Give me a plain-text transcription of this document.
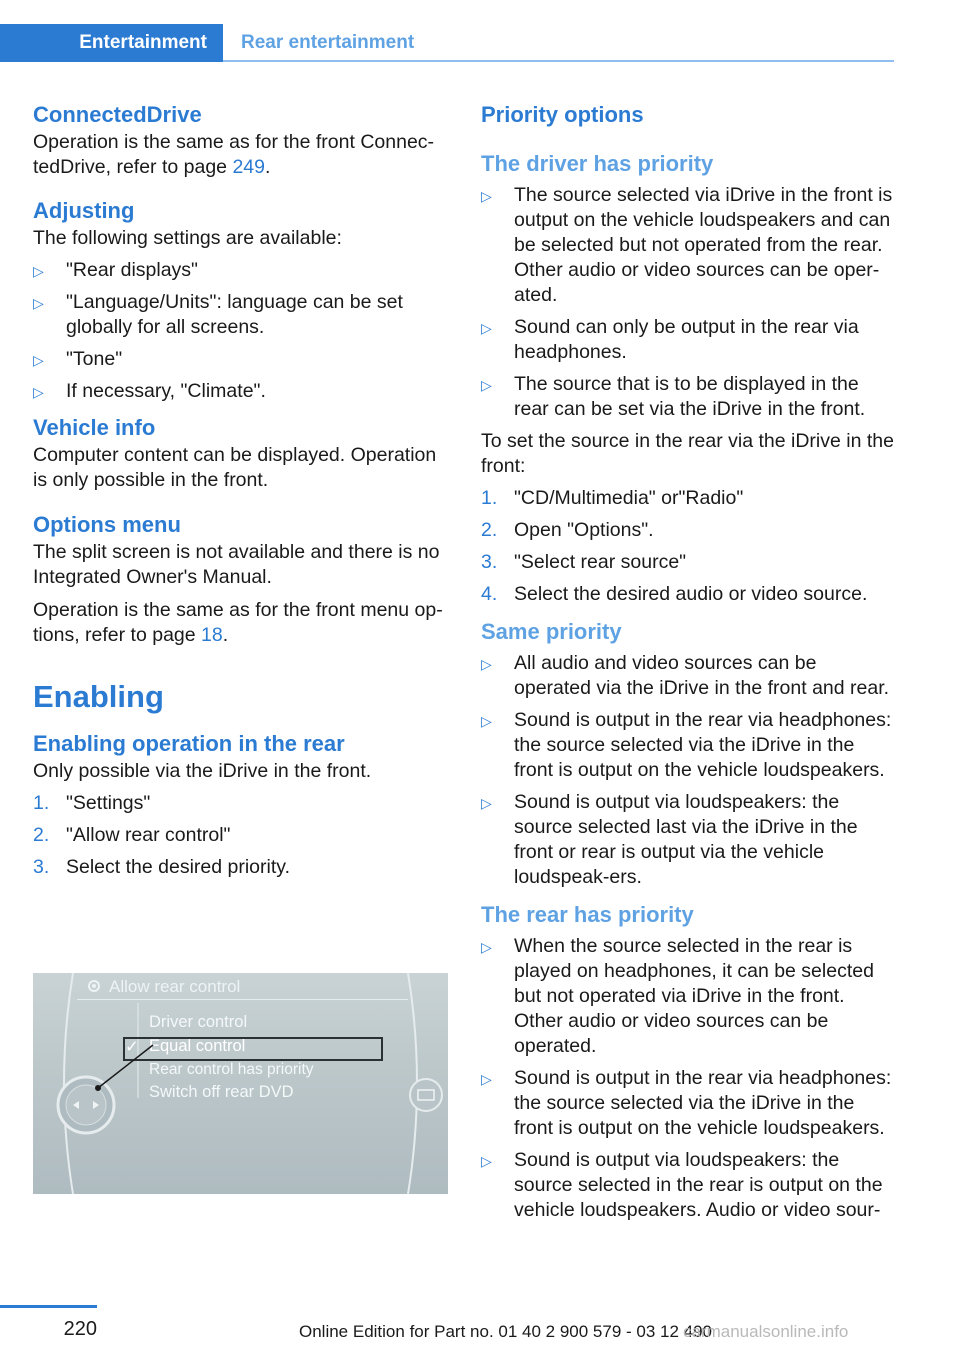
Entertainment	Rear entertainment
ConnectedDrive

Operation is the same as for the front Connec-tedDrive, refer to page 249.

Adjusting

The following settings are available:

▷ "Rear displays"
▷ "Language/Units": language can be set globally for all screens.
▷ "Tone"
▷ If necessary, "Climate".
Vehicle info

Computer content can be displayed. Operation is only possible in the front.

Options menu

The split screen is not available and there is no Integrated Owner's Manual.

Operation is the same as for the front menu op-tions, refer to page 18.

Enabling
Enabling operation in the rear

Only possible via the iDrive in the front.

1. "Settings"
2. "Allow rear control"
3. Select the desired priority.
Allow rear control
Driver control
✓ Equal control
Rear control has priority
Switch off rear DVD
Priority options
The driver has priority
▷ The source selected via iDrive in the front is output on the vehicle loudspeakers and can be selected but not operated from the rear. Other audio or video sources can be oper-ated.
▷ Sound can only be output in the rear via headphones.
▷ The source that is to be displayed in the rear can be set via the iDrive in the front.

To set the source in the rear via the iDrive in the front:

1. "CD/Multimedia" or"Radio"
2. Open "Options".
3. "Select rear source"
4. Select the desired audio or video source.
Same priority
▷ All audio and video sources can be operated via the iDrive in the front and rear.
▷ Sound is output in the rear via headphones: the source selected via the iDrive in the front is output on the vehicle loudspeakers.
▷ Sound is output via loudspeakers: the source selected last via the iDrive in the front or rear is output via the vehicle loudspeak-ers.
The rear has priority
▷ When the source selected in the rear is played on headphones, it can be selected but not operated via iDrive in the front. Other audio or video sources can be operated.
▷ Sound is output in the rear via headphones: the source selected via the iDrive in the front is output on the vehicle loudspeakers.
▷ Sound is output via loudspeakers: the source selected in the rear is output on the vehicle loudspeakers. Audio or video sour-
220	Online Edition for Part no. 01 40 2 900 579 - 03 12 490
carmanualsonline.info
